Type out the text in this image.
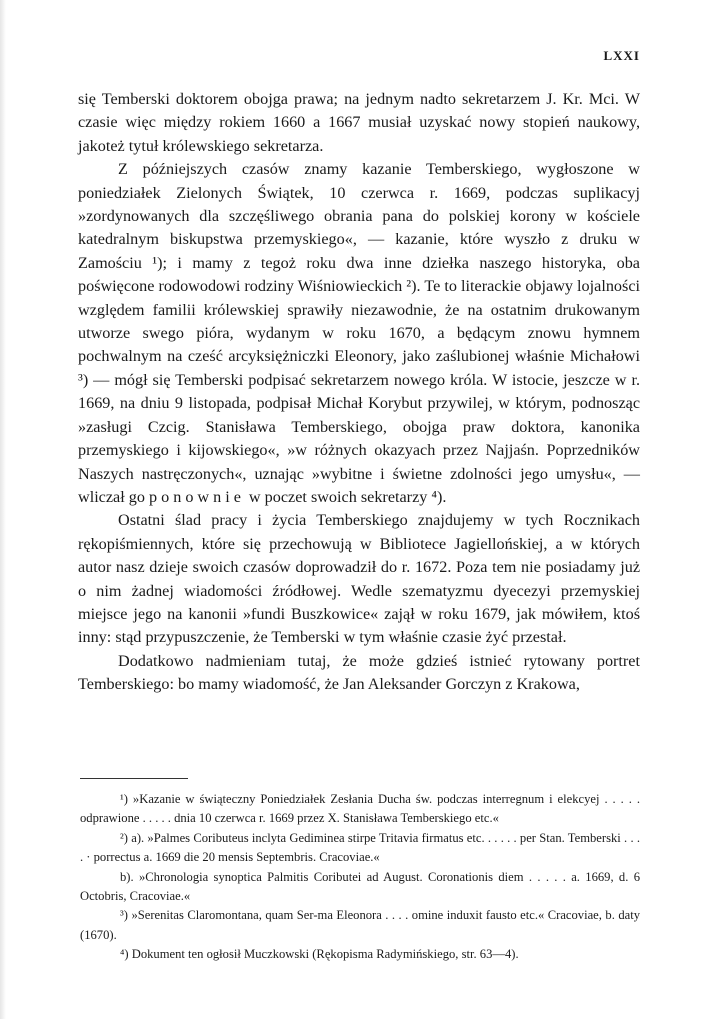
LXXI

się Temberski doktorem obojga prawa; na jednym nadto sekretarzem J. Kr. Mci. W czasie więc między rokiem 1660 a 1667 musiał uzyskać nowy stopień naukowy, jakoteż tytuł królewskiego sekretarza.

Z późniejszych czasów znamy kazanie Temberskiego, wygłoszone w poniedziałek Zielonych Świątek, 10 czerwca r. 1669, podczas suplikacyj »zordynowanych dla szczęśliwego obrania pana do polskiej korony w kościele katedralnym biskupstwa przemyskiego«, — kazanie, które wyszło z druku w Zamościu ¹); i mamy z tegoż roku dwa inne dziełka naszego historyka, oba poświęcone rodowodowi rodziny Wiśniowieckich ²). Te to literackie objawy lojalności względem familii królewskiej sprawiły niezawodnie, że na ostatnim drukowanym utworze swego pióra, wydanym w roku 1670, a będącym znowu hymnem pochwalnym na cześć arcyksiężniczki Eleonory, jako zaślubionej właśnie Michałowi ³) — mógł się Temberski podpisać sekretarzem nowego króla. W istocie, jeszcze w r. 1669, na dniu 9 listopada, podpisał Michał Korybut przywilej, w którym, podnosząc »zasługi Czcig. Stanisława Temberskiego, obojga praw doktora, kanonika przemyskiego i kijowskiego«, »w różnych okazyach przez Najjaśn. Poprzedników Naszych nastręczonych«, uznając »wybitne i świetne zdolności jego umysłu«, — wliczał go ponownie w poczet swoich sekretarzy ⁴).

Ostatni ślad pracy i życia Temberskiego znajdujemy w tych Rocznikach rękopiśmiennych, które się przechowują w Bibliotece Jagiellońskiej, a w których autor nasz dzieje swoich czasów doprowadził do r. 1672. Poza tem nie posiadamy już o nim żadnej wiadomości źródłowej. Wedle szematyzmu dyecezyi przemyskiej miejsce jego na kanonii »fundi Buszkowice« zajął w roku 1679, jak mówiłem, ktoś inny: stąd przypuszczenie, że Temberski w tym właśnie czasie żyć przestał.

Dodatkowo nadmieniam tutaj, że może gdzieś istnieć rytowany portret Temberskiego: bo mamy wiadomość, że Jan Aleksander Gorczyn z Krakowa,

¹) »Kazanie w świąteczny Poniedziałek Zesłania Ducha św. podczas interregnum i elekcyej . . . . . odprawione . . . . . dnia 10 czerwca r. 1669 przez X. Stanisława Temberskiego etc.«

²) a). »Palmes Coributeus inclyta Gediminea stirpe Tritavia firmatus etc. . . . . . per Stan. Temberski . . . . · porrectus a. 1669 die 20 mensis Septembris. Cracoviae.«

b). »Chronologia synoptica Palmitis Coributei ad August. Coronationis diem . . . . . a. 1669, d. 6 Octobris, Cracoviae.«

³) »Serenitas Claromontana, quam Ser-ma Eleonora . . . . omine induxit fausto etc.« Cracoviae, b. daty (1670).

⁴) Dokument ten ogłosił Muczkowski (Rękopisma Radymińskiego, str. 63—4).
